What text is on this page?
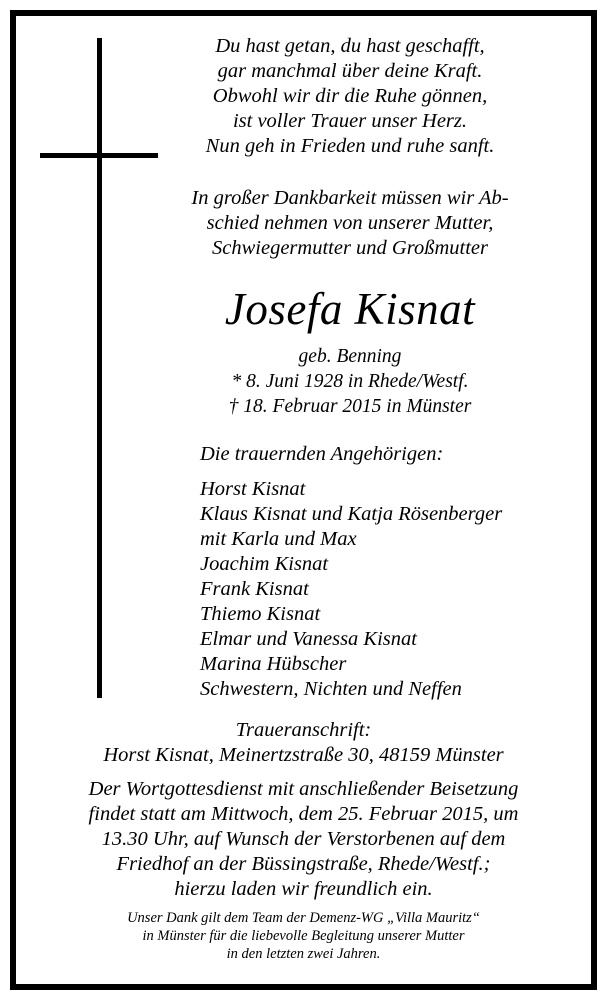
Du hast getan, du hast geschafft,
gar manchmal über deine Kraft.
Obwohl wir dir die Ruhe gönnen,
ist voller Trauer unser Herz.
Nun geh in Frieden und ruhe sanft.
In großer Dankbarkeit müssen wir Ab-
schied nehmen von unserer Mutter,
Schwiegermutter und Großmutter
Josefa Kisnat
geb. Benning
* 8. Juni 1928 in Rhede/Westf.
† 18. Februar 2015 in Münster
Die trauernden Angehörigen:
Horst Kisnat
Klaus Kisnat und Katja Rösenberger
mit Karla und Max
Joachim Kisnat
Frank Kisnat
Thiemo Kisnat
Elmar und Vanessa Kisnat
Marina Hübscher
Schwestern, Nichten und Neffen
Traueranschrift:
Horst Kisnat, Meinertzstraße 30, 48159 Münster
Der Wortgottesdienst mit anschließender Beisetzung
findet statt am Mittwoch, dem 25. Februar 2015, um
13.30 Uhr, auf Wunsch der Verstorbenen auf dem
Friedhof an der Büssingstraße, Rhede/Westf.;
hierzu laden wir freundlich ein.
Unser Dank gilt dem Team der Demenz-WG „Villa Mauritz“
in Münster für die liebevolle Begleitung unserer Mutter
in den letzten zwei Jahren.
